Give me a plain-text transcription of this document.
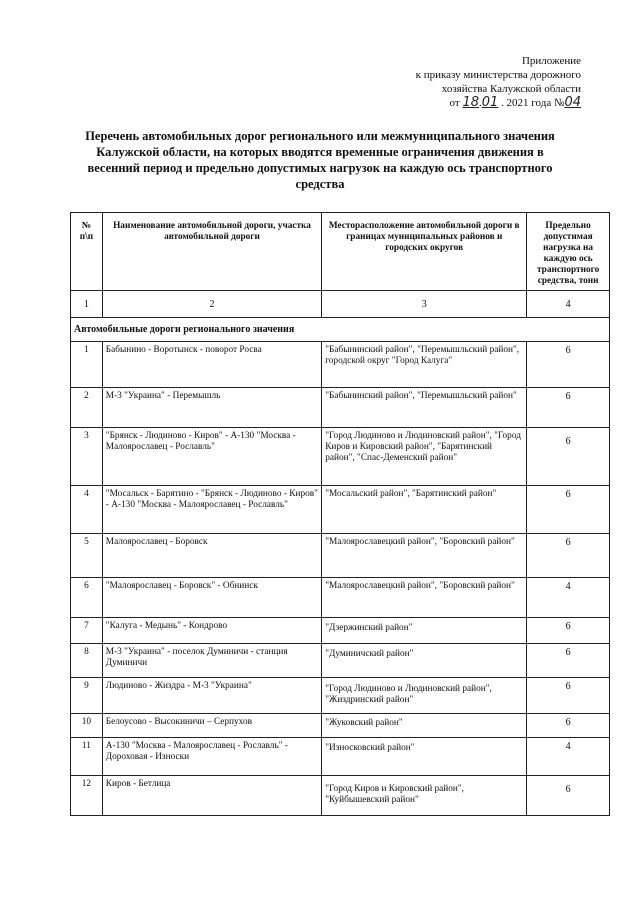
Приложение
к приказу министерства дорожного
хозяйства Калужской области
от 18.01 . 2021 года №04
Перечень автомобильных дорог регионального или межмуниципального значения Калужской области, на которых вводятся временные ограничения движения в весенний период и предельно допустимых нагрузок на каждую ось транспортного средства
№ п\п	Наименование автомобильной дороги, участка автомобильной дороги	Месторасположение автомобильной дороги в границах муниципальных районов и городских округов	Предельно допустимая нагрузка на каждую ось транспортного средства, тонн
1	2	3	4
Автомобильные дороги регионального значения			
1	Бабынино - Воротынск - поворот Росва	"Бабынинский район", "Перемышльский район", городской округ "Город Калуга"	6
2	М-3 "Украина" - Перемышль	"Бабынинский район", "Перемышльский район"	6
3	"Брянск - Людиново - Киров" - А-130 "Москва - Малоярославец - Рославль"	"Город Людиново и Людиновский район", "Город Киров и Кировский район", "Барятинский район", "Спас-Деменский район"	6
4	"Мосальск - Барятино - "Брянск - Людиново - Киров" - А-130 "Москва - Малоярославец - Рославль"	"Мосальский район", "Барятинский район"	6
5	Малоярославец - Боровск	"Малоярославецкий район", "Боровский район"	6
6	"Малоярославец - Боровск" - Обнинск	"Малоярославецкий район", "Боровский район"	4
7	"Калуга - Медынь" - Кондрово	"Дзержинский район"	6
8	М-3 "Украина" - поселок Думиничи - станция Думиничи	"Думиничский район"	6
9	Людиново - Жиздра - М-3 "Украина"	"Город Людиново и Людиновский район", "Жиздринский район"	6
10	Белоусово - Высокиничи – Серпухов	"Жуковский район"	6
11	А-130 "Москва - Малоярославец - Рославль" - Дороховая - Износки	"Износковский район"	4
12	Киров - Бетлица	"Город Киров и Кировский район", "Куйбышевский район"	6
